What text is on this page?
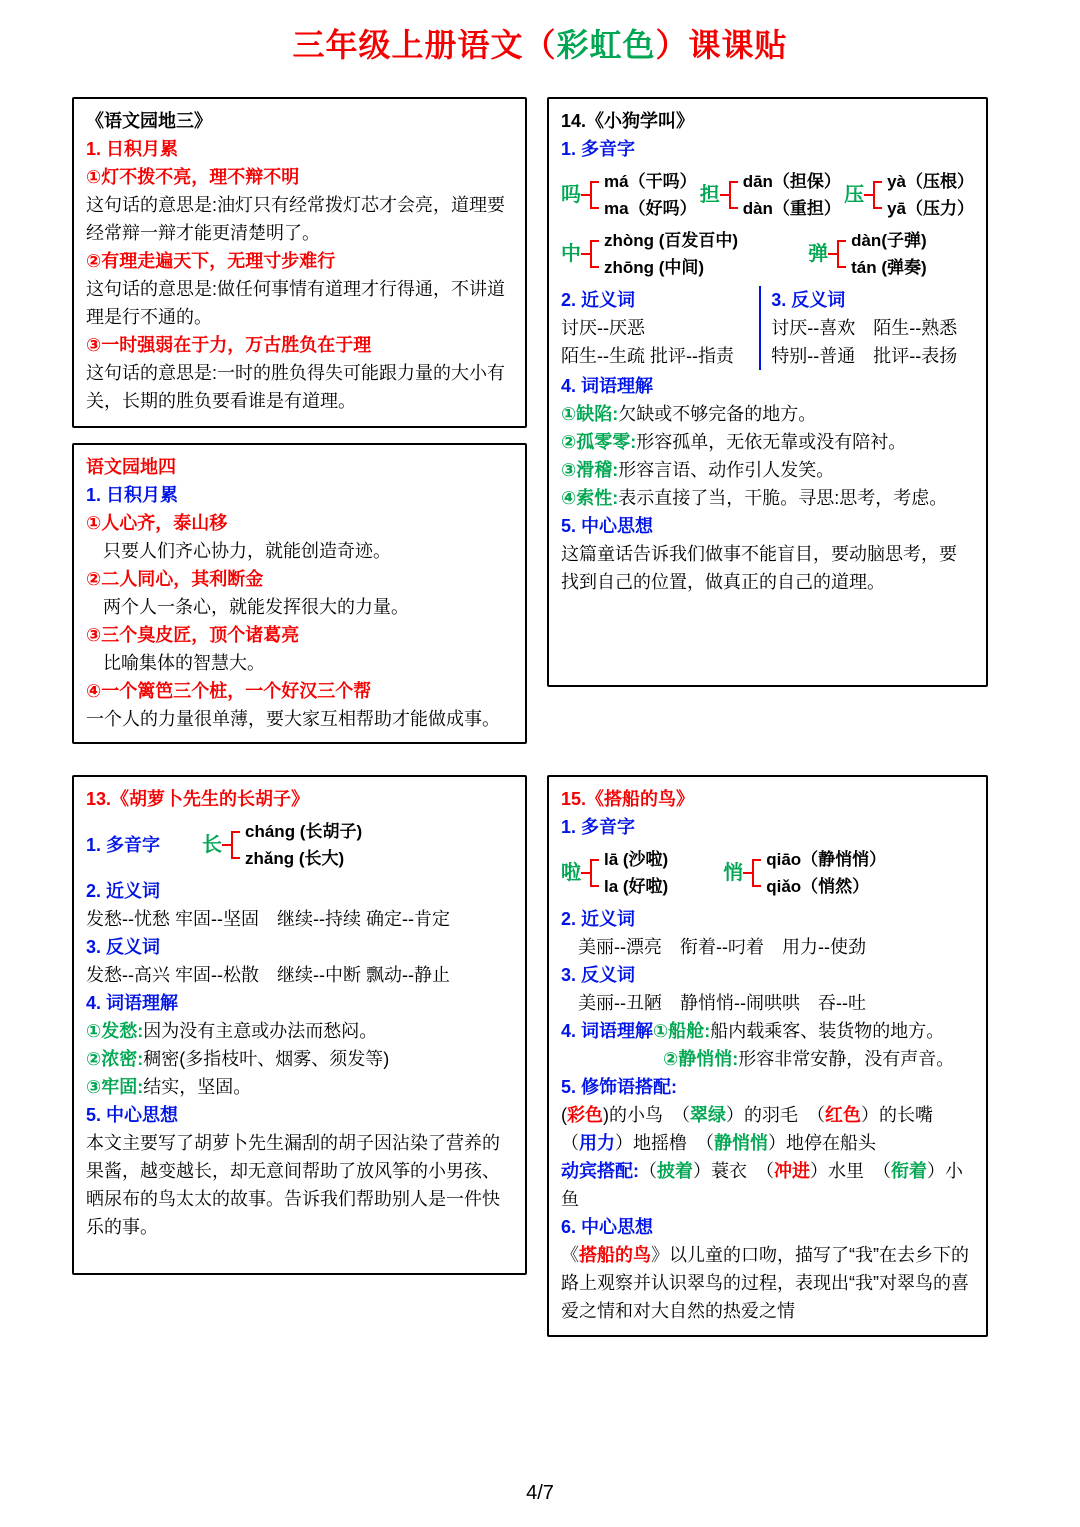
三年级上册语文（彩虹色）课课贴
《语文园地三》
1. 日积月累
①灯不拨不亮，理不辩不明
这句话的意思是:油灯只有经常拨灯芯才会亮，道理要经常辩一辩才能更清楚明了。
②有理走遍天下，无理寸步难行
这句话的意思是:做任何事情有道理才行得通，不讲道理是行不通的。
③一时强弱在于力，万古胜负在于理
这句话的意思是:一时的胜负得失可能跟力量的大小有关，长期的胜负要看谁是有道理。
14.《小狗学叫》
1. 多音字
吗
má（干吗）
ma（好吗）
担
dān（担保）
dàn（重担）
压
yà（压根）
yā（压力）
中
zhòng (百发百中)
zhōng (中间)
弹
dàn(子弹)
tán (弹奏)
2. 近义词
讨厌--厌恶
陌生--生疏 批评--指责
3. 反义词
讨厌--喜欢　陌生--熟悉
特别--普通　批评--表扬
4. 词语理解
①缺陷:欠缺或不够完备的地方。
②孤零零:形容孤单，无依无靠或没有陪衬。
③滑稽:形容言语、动作引人发笑。
④索性:表示直接了当，干脆。寻思:思考，考虑。
5. 中心思想
这篇童话告诉我们做事不能盲目，要动脑思考，要找到自己的位置，做真正的自己的道理。
语文园地四
1. 日积月累
①人心齐，泰山移
只要人们齐心协力，就能创造奇迹。
②二人同心，其利断金
两个人一条心，就能发挥很大的力量。
③三个臭皮匠，顶个诸葛亮
比喻集体的智慧大。
④一个篱笆三个桩，一个好汉三个帮
一个人的力量很单薄，要大家互相帮助才能做成事。
13.《胡萝卜先生的长胡子》
1. 多音字 长
cháng (长胡子)
zhǎng (长大)
2. 近义词
发愁--忧愁 牢固--坚固　继续--持续 确定--肯定
3. 反义词
发愁--高兴 牢固--松散　继续--中断 飘动--静止
4. 词语理解
①发愁:因为没有主意或办法而愁闷。
②浓密:稠密(多指枝叶、烟雾、须发等)
③牢固:结实，坚固。
5. 中心思想
本文主要写了胡萝卜先生漏刮的胡子因沾染了营养的果酱，越变越长，却无意间帮助了放风筝的小男孩、晒尿布的鸟太太的故事。告诉我们帮助别人是一件快乐的事。
15.《搭船的鸟》
1. 多音字
啦
lā (沙啦)
la (好啦)
悄
qiāo（静悄悄）
qiǎo（悄然）
2. 近义词
美丽--漂亮　衔着--叼着　用力--使劲
3. 反义词
美丽--丑陋　静悄悄--闹哄哄　吞--吐
4. 词语理解①船舱:船内载乘客、装货物的地方。
②静悄悄:形容非常安静，没有声音。
5. 修饰语搭配:
(彩色)的小鸟　（翠绿）的羽毛　（红色）的长嘴
（用力）地摇橹　（静悄悄）地停在船头
动宾搭配:（披着）蓑衣　（冲进）水里　（衔着）小鱼
6. 中心思想
《搭船的鸟》以儿童的口吻，描写了“我”在去乡下的路上观察并认识翠鸟的过程，表现出“我”对翠鸟的喜爱之情和对大自然的热爱之情
4/7
